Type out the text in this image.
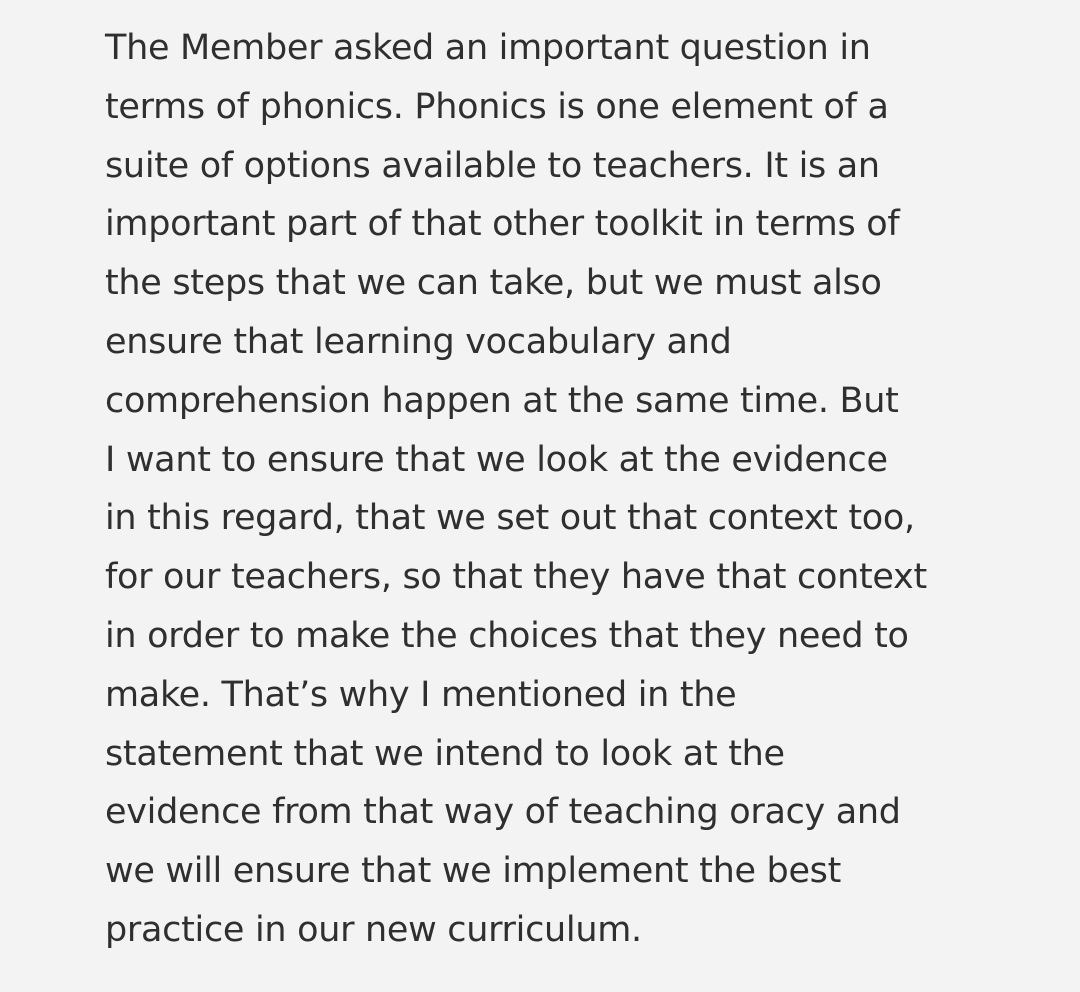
The Member asked an important question in
terms of phonics. Phonics is one element of a
suite of options available to teachers. It is an
important part of that other toolkit in terms of
the steps that we can take, but we must also
ensure that learning vocabulary and
comprehension happen at the same time. But
I want to ensure that we look at the evidence
in this regard, that we set out that context too,
for our teachers, so that they have that context
in order to make the choices that they need to
make. That’s why I mentioned in the
statement that we intend to look at the
evidence from that way of teaching oracy and
we will ensure that we implement the best
practice in our new curriculum.
